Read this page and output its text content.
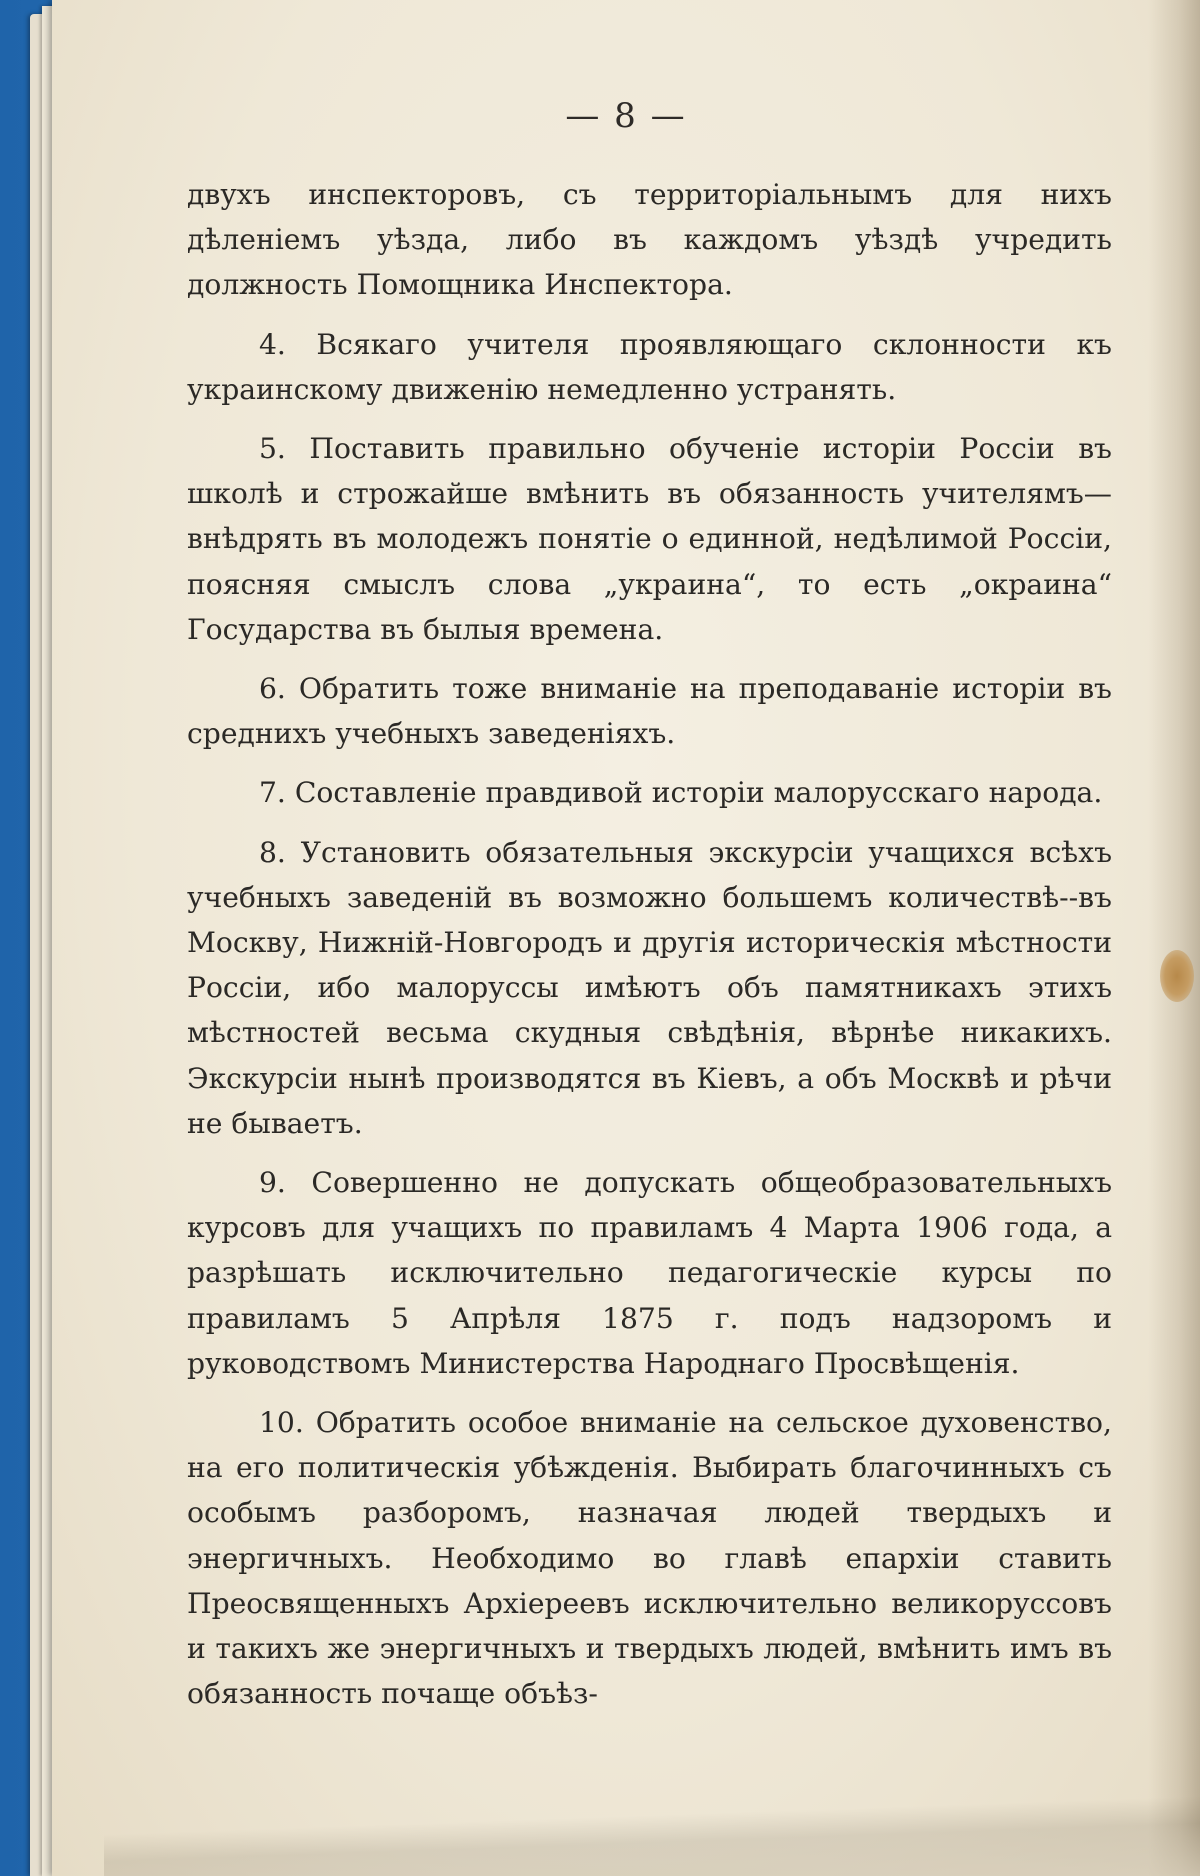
— 8 —

двухъ инспекторовъ, съ территоріальнымъ для нихъ дѣленіемъ уѣзда, либо въ каждомъ уѣздѣ учредить должность Помощника Инспектора.

4. Всякаго учителя проявляющаго склонности къ украинскому движенію немедленно устранять.

5. Поставить правильно обученіе исторіи Россіи въ школѣ и строжайше вмѣнить въ обязанность учителямъ—внѣдрять въ молодежъ понятіе о единной, недѣлимой Россіи, поясняя смыслъ слова „украина“, то есть „окраина“ Государства въ былыя времена.

6. Обратить тоже вниманіе на преподаваніе исторіи въ среднихъ учебныхъ заведеніяхъ.

7. Составленіе правдивой исторіи малорусскаго народа.

8. Установить обязательныя экскурсіи учащихся всѣхъ учебныхъ заведеній въ возможно большемъ количествѣ--въ Москву, Нижній-Новгородъ и другія историческія мѣстности Россіи, ибо малоруссы имѣютъ объ памятникахъ этихъ мѣстностей весьма скудныя свѣдѣнія, вѣрнѣе никакихъ. Экскурсіи нынѣ производятся въ Кіевъ, а объ Москвѣ и рѣчи не бываетъ.

9. Совершенно не допускать общеобразовательныхъ курсовъ для учащихъ по правиламъ 4 Марта 1906 года, а разрѣшать исключительно педагогическіе курсы по правиламъ 5 Апрѣля 1875 г. подъ надзоромъ и руководствомъ Министерства Народнаго Просвѣщенія.

10. Обратить особое вниманіе на сельское духовенство, на его политическія убѣжденія. Выбирать благочинныхъ съ особымъ разборомъ, назначая людей твердыхъ и энергичныхъ. Необходимо во главѣ епархіи ставить Преосвященныхъ Архіереевъ исключительно великоруссовъ и такихъ же энергичныхъ и твердыхъ людей, вмѣнить имъ въ обязанность почаще объѣз-
